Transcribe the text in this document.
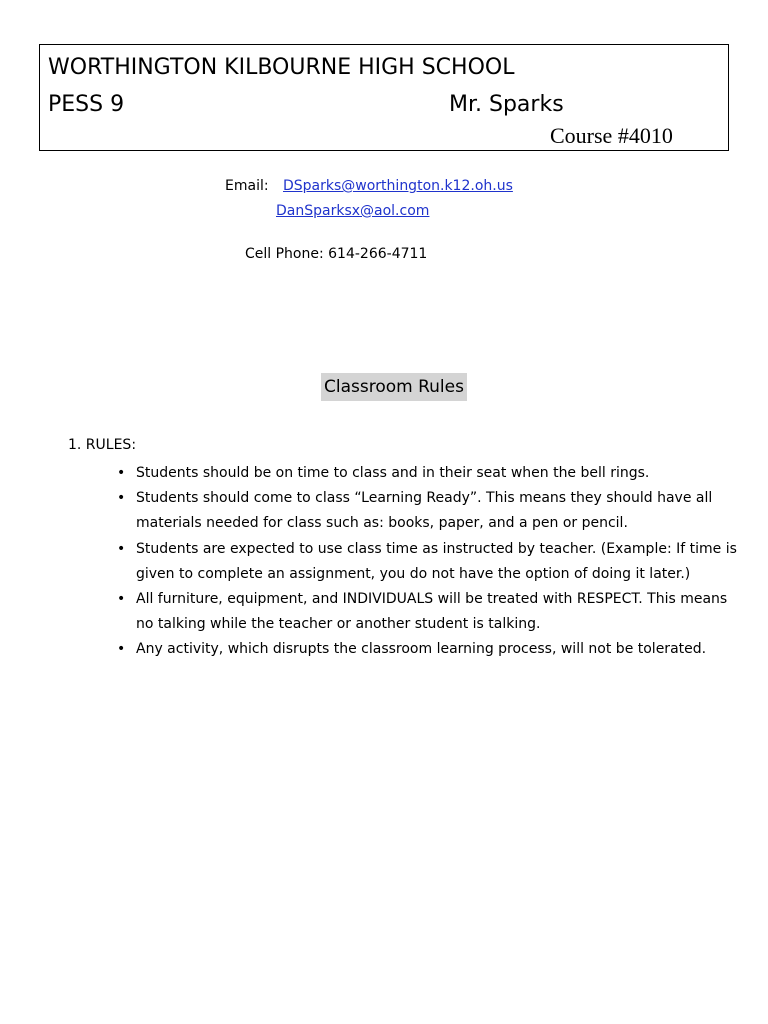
WORTHINGTON KILBOURNE HIGH SCHOOL
PESS 9	Mr. Sparks
Course #4010
Email: DSparks@worthington.k12.oh.us
DanSparksx@aol.com
Cell Phone: 614-266-4711
Classroom Rules
1. RULES:
• Students should be on time to class and in their seat when the bell rings.
• Students should come to class “Learning Ready”. This means they should have all materials needed for class such as: books, paper, and a pen or pencil.
• Students are expected to use class time as instructed by teacher. (Example: If time is given to complete an assignment, you do not have the option of doing it later.)
• All furniture, equipment, and INDIVIDUALS will be treated with RESPECT. This means no talking while the teacher or another student is talking.
• Any activity, which disrupts the classroom learning process, will not be tolerated.
